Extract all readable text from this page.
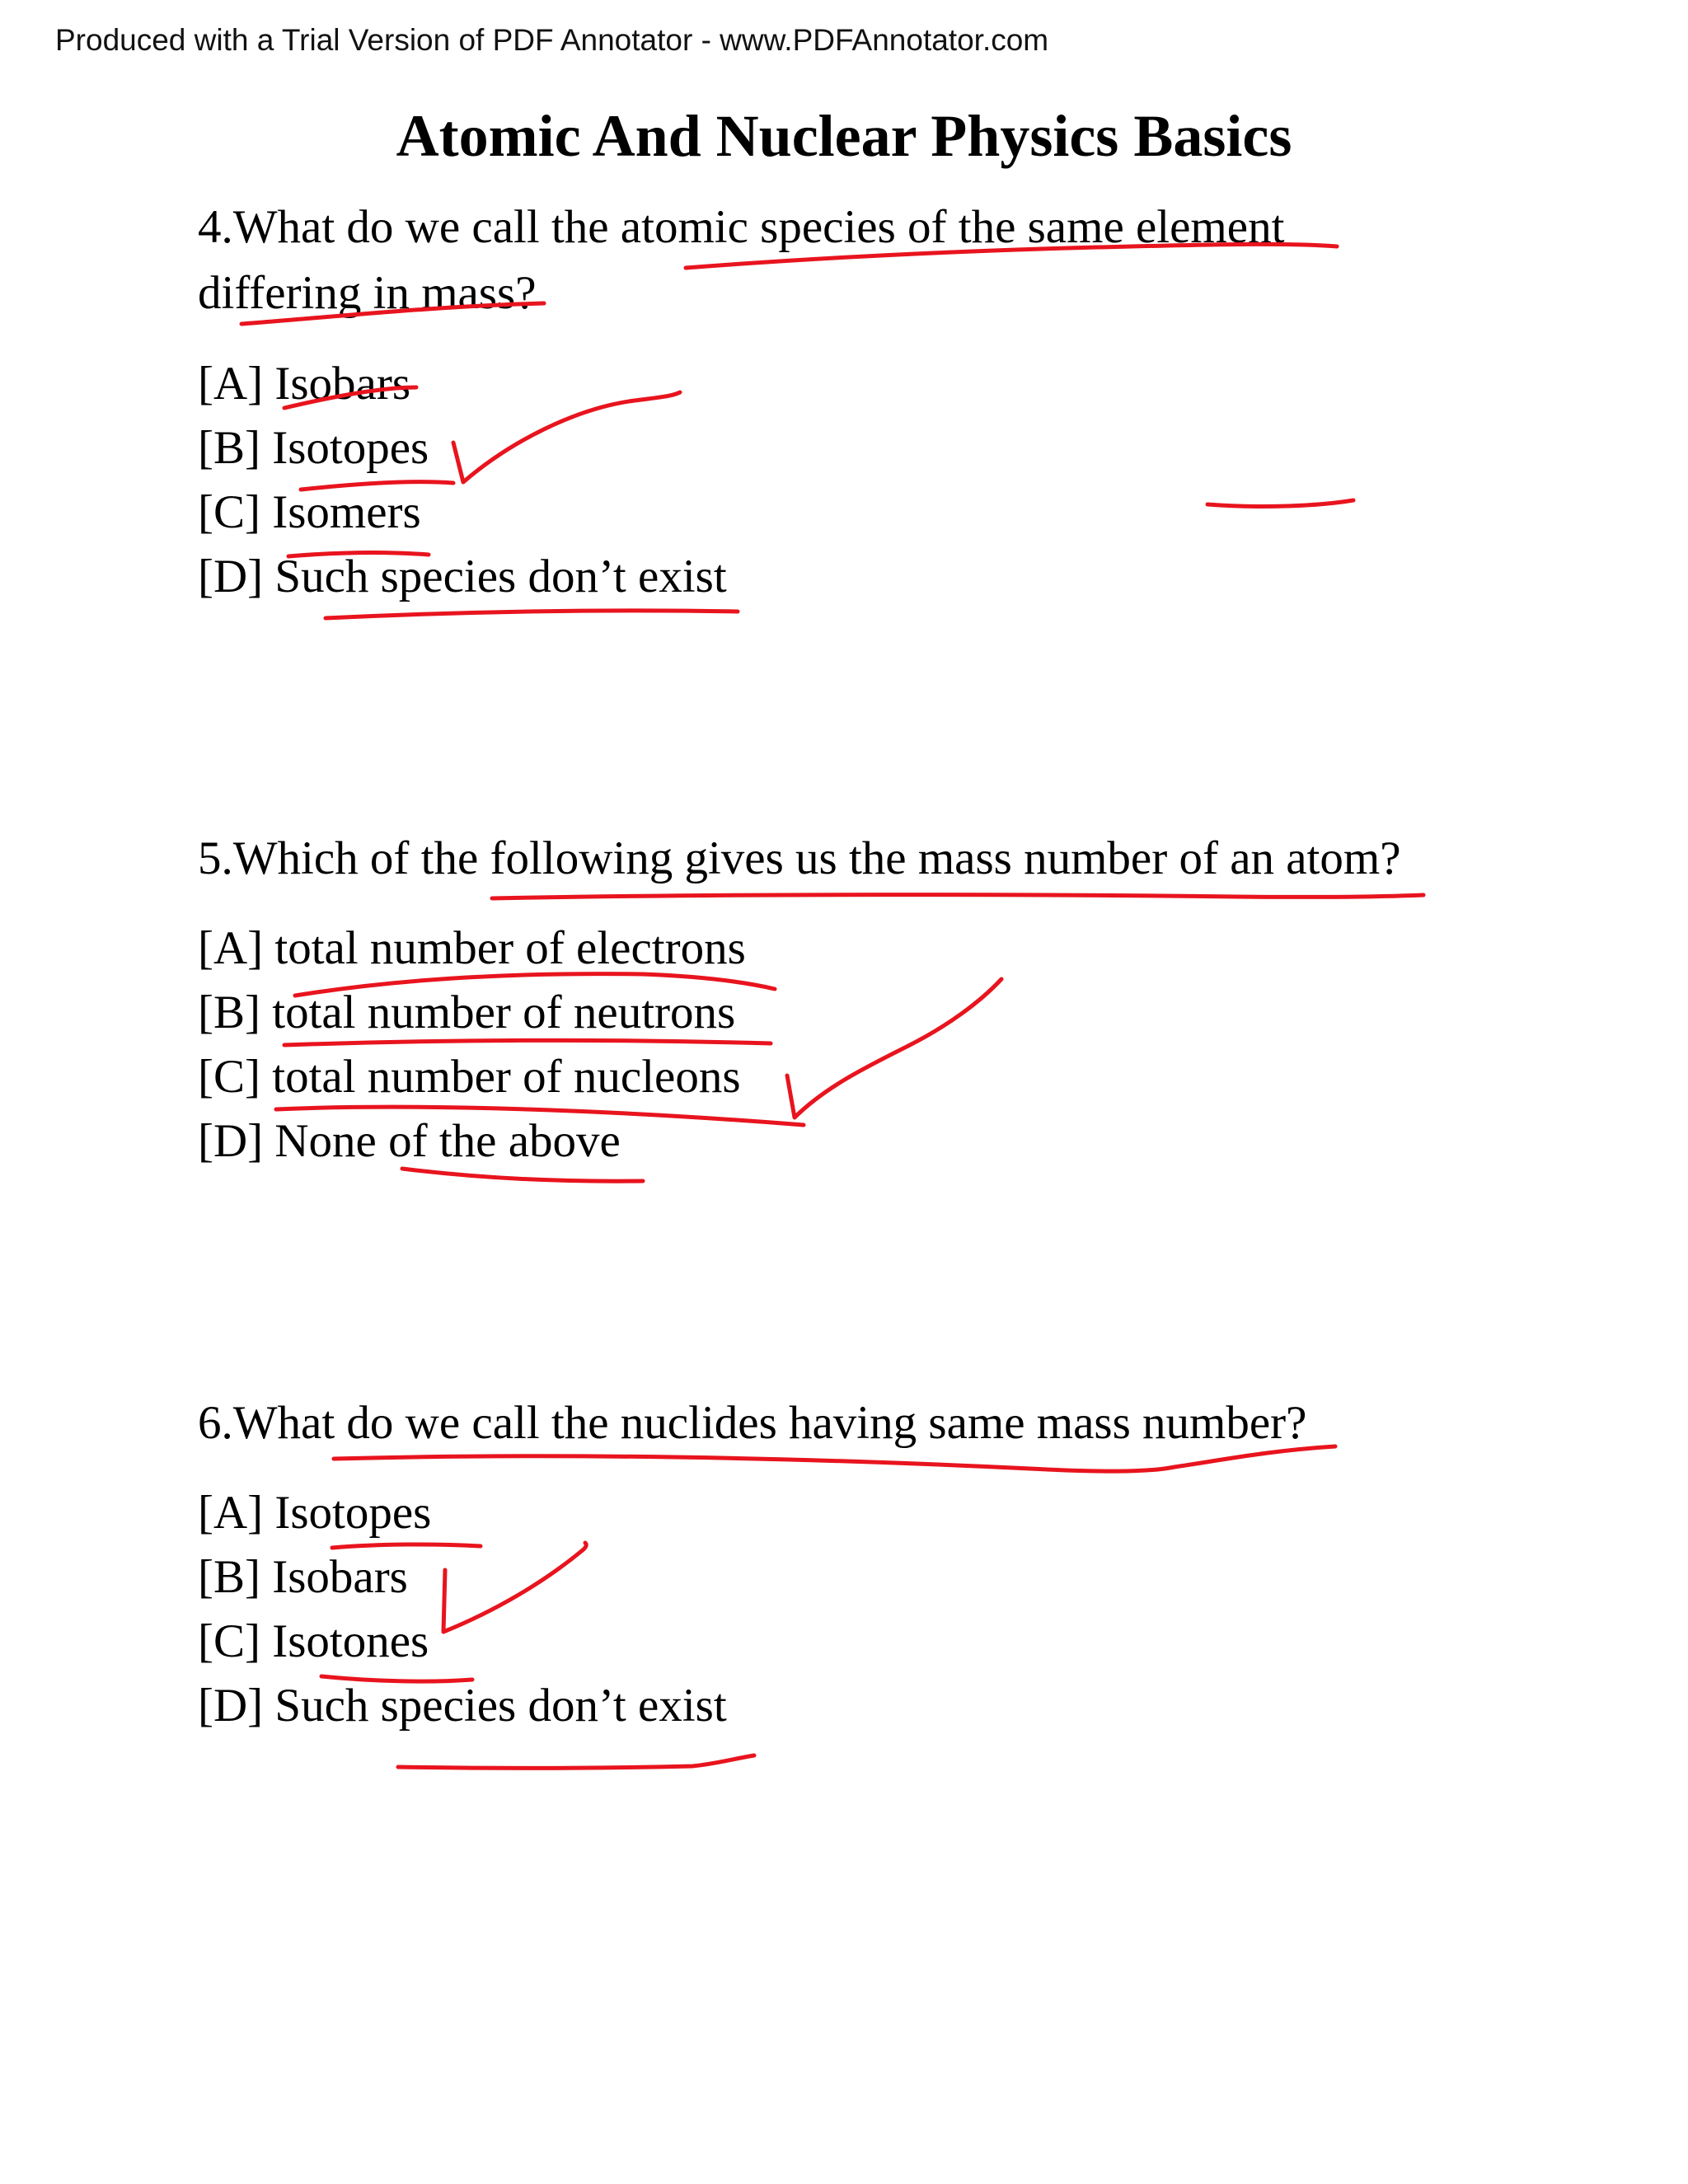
Produced with a Trial Version of PDF Annotator - www.PDFAnnotator.com
Atomic And Nuclear Physics Basics
4.What do we call the atomic species of the same element
differing in mass?
[A] Isobars
[B] Isotopes
[C] Isomers
[D] Such species don’t exist
5.Which of the following gives us the mass number of an atom?
[A] total number of electrons
[B] total number of neutrons
[C] total number of nucleons
[D] None of the above
6.What do we call the nuclides having same mass number?
[A] Isotopes
[B] Isobars
[C] Isotones
[D] Such species don’t exist
